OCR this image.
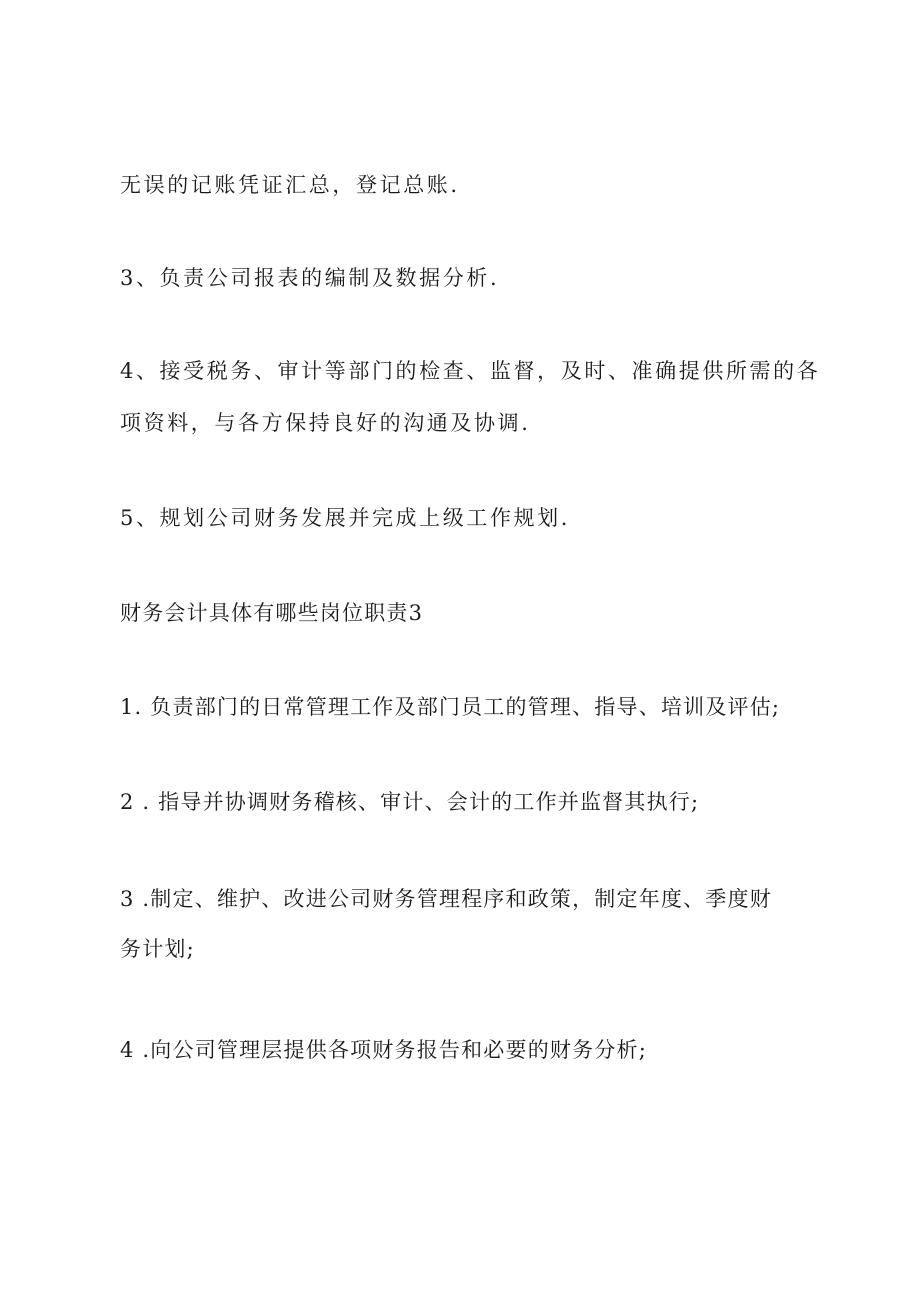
无误的记账凭证汇总，登记总账.

3、负责公司报表的编制及数据分析.

4、接受税务、审计等部门的检查、监督，及时、准确提供所需的各

项资料，与各方保持良好的沟通及协调.

5、规划公司财务发展并完成上级工作规划.

财务会计具体有哪些岗位职责3

1. 负责部门的日常管理工作及部门员工的管理、指导、培训及评估;

2 . 指导并协调财务稽核、审计、会计的工作并监督其执行;

3 .制定、维护、改进公司财务管理程序和政策，制定年度、季度财

务计划;

4 .向公司管理层提供各项财务报告和必要的财务分析;
